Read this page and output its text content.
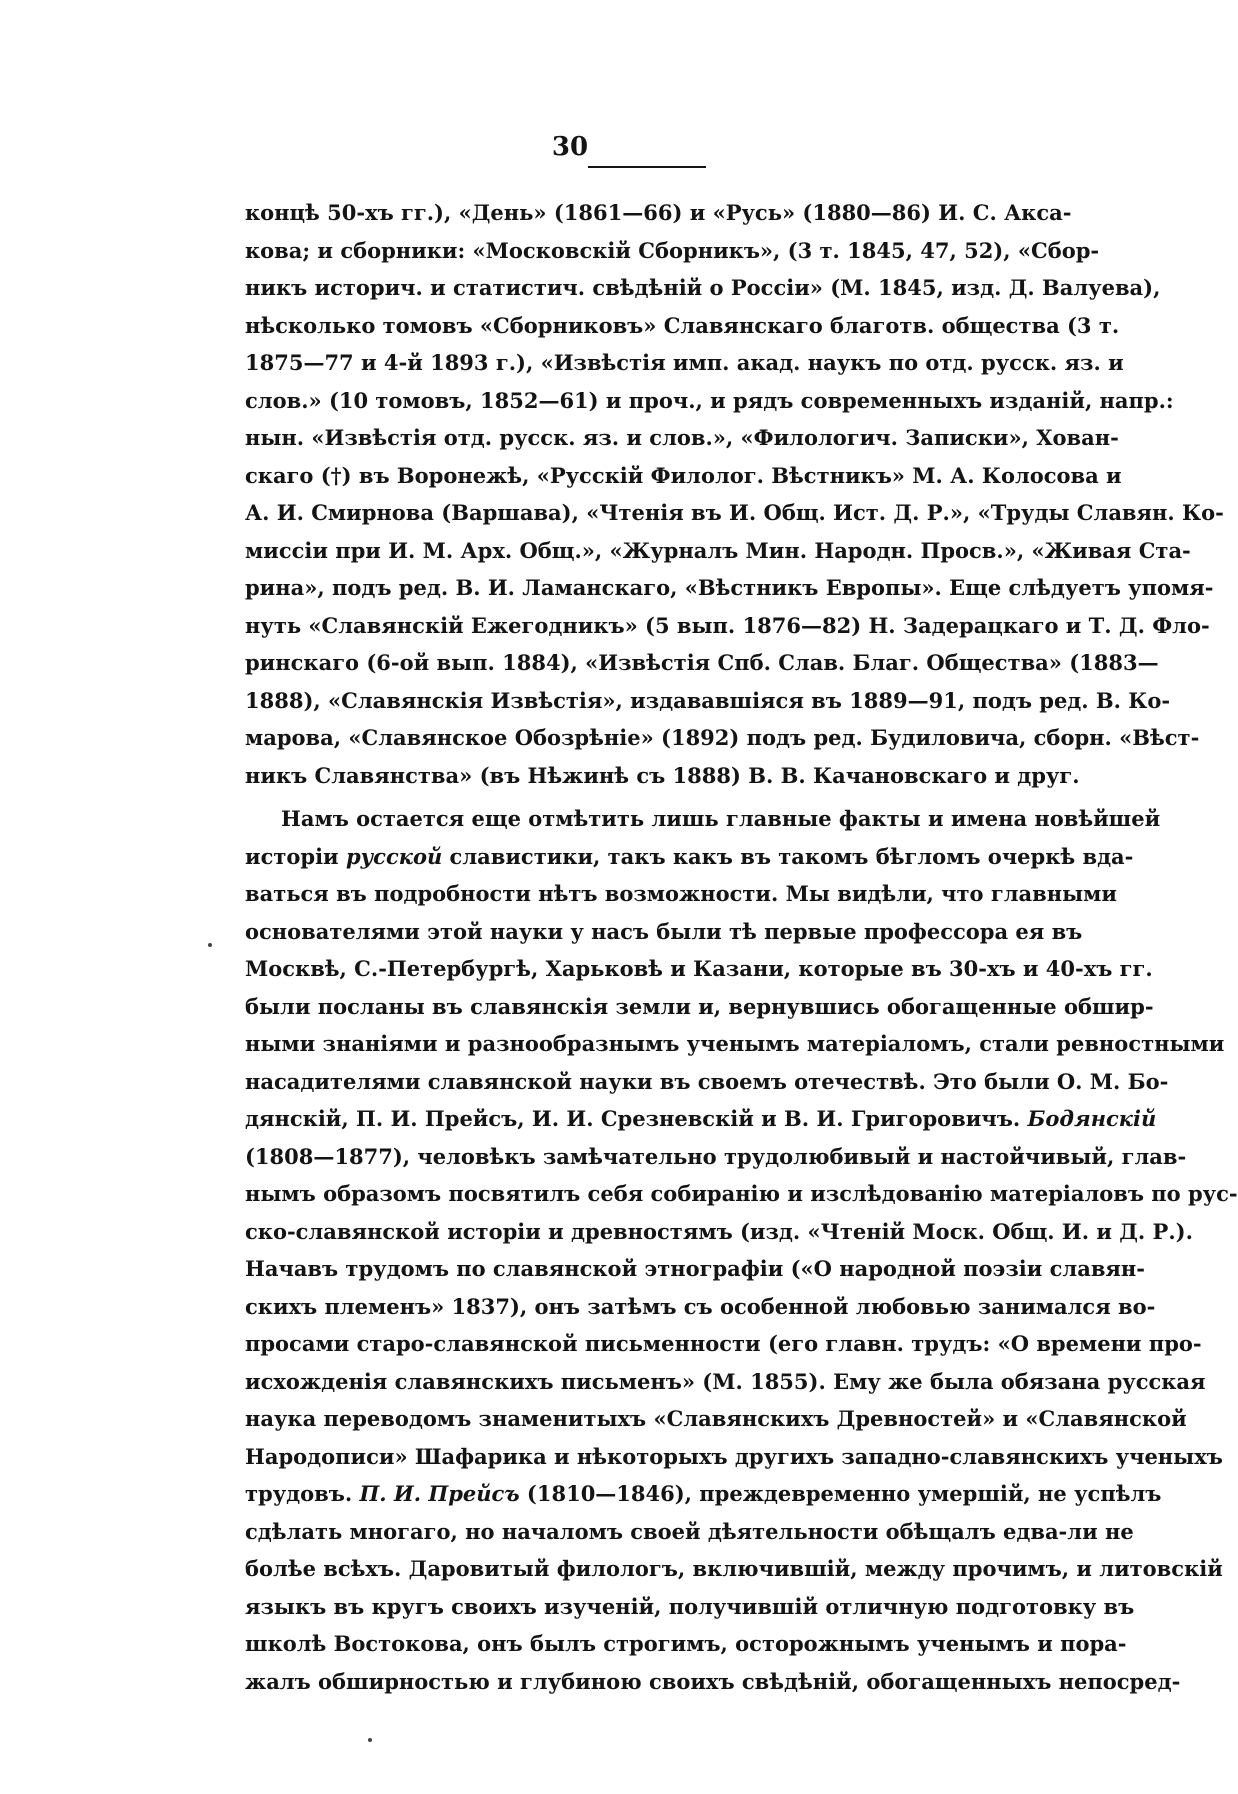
30
концѣ 50-хъ гг.), «День» (1861—66) и «Русь» (1880—86) И. С. Акса-
кова; и сборники: «Московскій Сборникъ», (3 т. 1845, 47, 52), «Сбор-
никъ историч. и статистич. свѣдѣній о Россіи» (М. 1845, изд. Д. Валуева),
нѣсколько томовъ «Сборниковъ» Славянскаго благотв. общества (3 т.
1875—77 и 4-й 1893 г.), «Извѣстія имп. акад. наукъ по отд. русск. яз. и
слов.» (10 томовъ, 1852—61) и проч., и рядъ современныхъ изданій, напр.:
нын. «Извѣстія отд. русск. яз. и слов.», «Филологич. Записки», Хован-
скаго (†) въ Воронежѣ, «Русскій Филолог. Вѣстникъ» М. А. Колосова и
А. И. Смирнова (Варшава), «Чтенія въ И. Общ. Ист. Д. Р.», «Труды Славян. Ко-
миссіи при И. М. Арх. Общ.», «Журналъ Мин. Народн. Просв.», «Живая Ста-
рина», подъ ред. В. И. Ламанскаго, «Вѣстникъ Европы». Еще слѣдуетъ упомя-
нуть «Славянскій Ежегодникъ» (5 вып. 1876—82) Н. Задерацкаго и Т. Д. Фло-
ринскаго (6-ой вып. 1884), «Извѣстія Спб. Слав. Благ. Общества» (1883—
1888), «Славянскія Извѣстія», издававшіяся въ 1889—91, подъ ред. В. Ко-
марова, «Славянское Обозрѣніе» (1892) подъ ред. Будиловича, сборн. «Вѣст-
никъ Славянства» (въ Нѣжинѣ съ 1888) В. В. Качановскаго и друг.
Намъ остается еще отмѣтить лишь главные факты и имена новѣйшей
исторіи русской славистики, такъ какъ въ такомъ бѣгломъ очеркѣ вда-
ваться въ подробности нѣтъ возможности. Мы видѣли, что главными
основателями этой науки у насъ были тѣ первые профессора ея въ
Москвѣ, С.-Петербургѣ, Харьковѣ и Казани, которые въ 30-хъ и 40-хъ гг.
были посланы въ славянскія земли и, вернувшись обогащенные обшир-
ными знаніями и разнообразнымъ ученымъ матеріаломъ, стали ревностными
насадителями славянской науки въ своемъ отечествѣ. Это были О. М. Бо-
дянскій, П. И. Прейсъ, И. И. Срезневскій и В. И. Григоровичъ. Бодянскій
(1808—1877), человѣкъ замѣчательно трудолюбивый и настойчивый, глав-
нымъ образомъ посвятилъ себя собиранію и изслѣдованію матеріаловъ по рус-
ско-славянской исторіи и древностямъ (изд. «Чтеній Моск. Общ. И. и Д. Р.).
Начавъ трудомъ по славянской этнографіи («О народной поэзіи славян-
скихъ племенъ» 1837), онъ затѣмъ съ особенной любовью занимался во-
просами старо-славянской письменности (его главн. трудъ: «О времени про-
исхожденія славянскихъ письменъ» (М. 1855). Ему же была обязана русская
наука переводомъ знаменитыхъ «Славянскихъ Древностей» и «Славянской
Народописи» Шафарика и нѣкоторыхъ другихъ западно-славянскихъ ученыхъ
трудовъ. П. И. Прейсъ (1810—1846), преждевременно умершій, не успѣлъ
сдѣлать многаго, но началомъ своей дѣятельности обѣщалъ едва-ли не
болѣе всѣхъ. Даровитый филологъ, включившій, между прочимъ, и литовскій
языкъ въ кругъ своихъ изученій, получившій отличную подготовку въ
школѣ Востокова, онъ былъ строгимъ, осторожнымъ ученымъ и пора-
жалъ обширностью и глубиною своихъ свѣдѣній, обогащенныхъ непосред-
